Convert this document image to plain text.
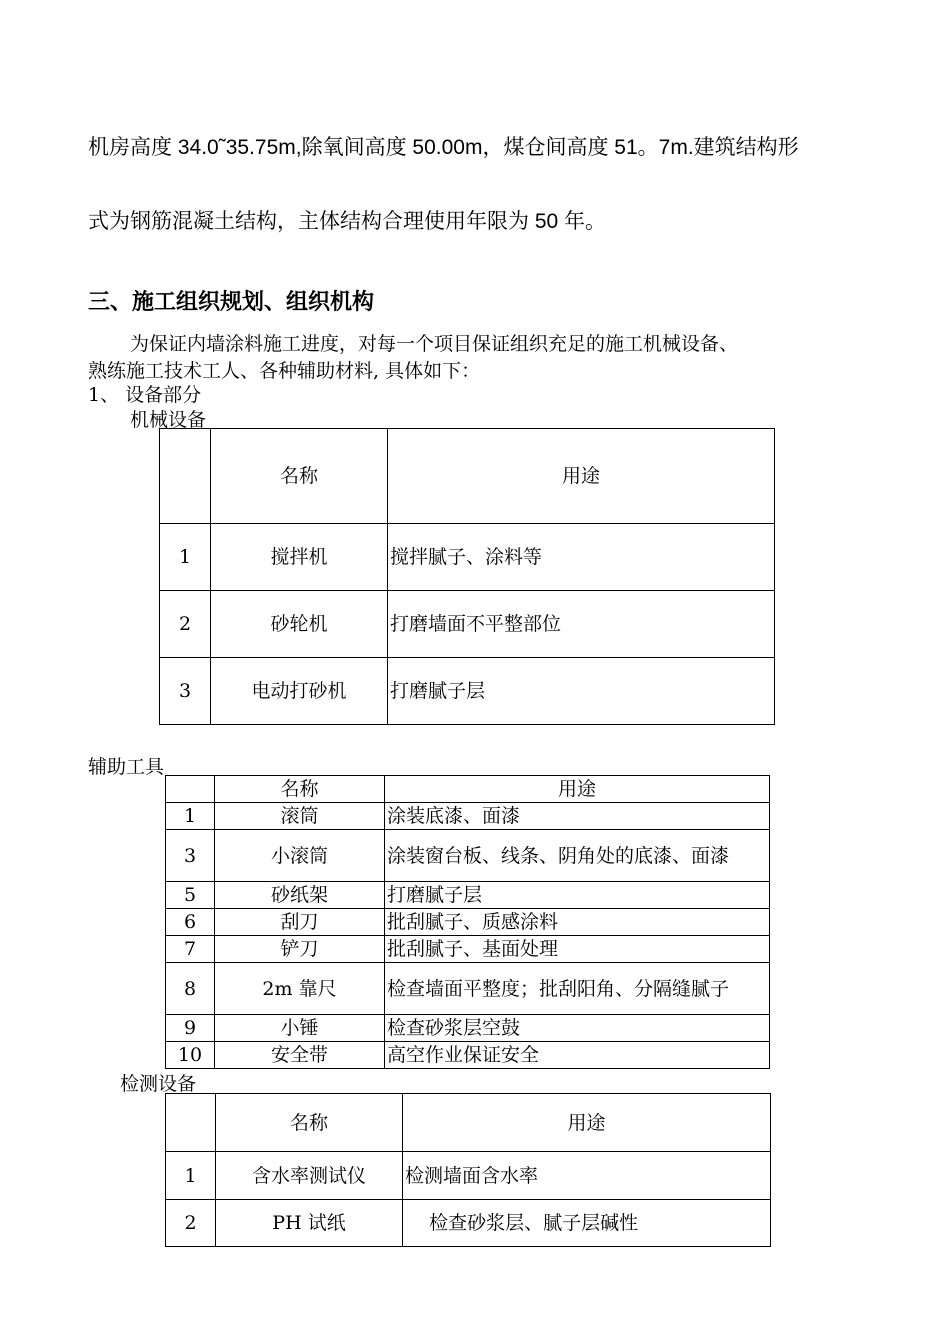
机房高度 34.0˜35.75m,除氧间高度 50.00m，煤仓间高度 51。7m.建筑结构形
式为钢筋混凝土结构，主体结构合理使用年限为 50 年。
三、施工组织规划、组织机构
为保证内墙涂料施工进度，对每一个项目保证组织充足的施工机械设备、
熟练施工技术工人、各种辅助材料, 具体如下：
1、 设备部分
机械设备
	名称	用途
1	搅拌机	搅拌腻子、涂料等
2	砂轮机	打磨墙面不平整部位
3	电动打砂机	打磨腻子层
辅助工具
	名称	用途
1	滚筒	涂装底漆、面漆
3	小滚筒	涂装窗台板、线条、阴角处的底漆、面漆
5	砂纸架	打磨腻子层
6	刮刀	批刮腻子、质感涂料
7	铲刀	批刮腻子、基面处理
8	2m 靠尺	检查墙面平整度；批刮阳角、分隔缝腻子
9	小锤	检查砂浆层空鼓
10	安全带	高空作业保证安全
检测设备
	名称	用途
1	含水率测试仪	检测墙面含水率
2	PH 试纸	检查砂浆层、腻子层碱性
